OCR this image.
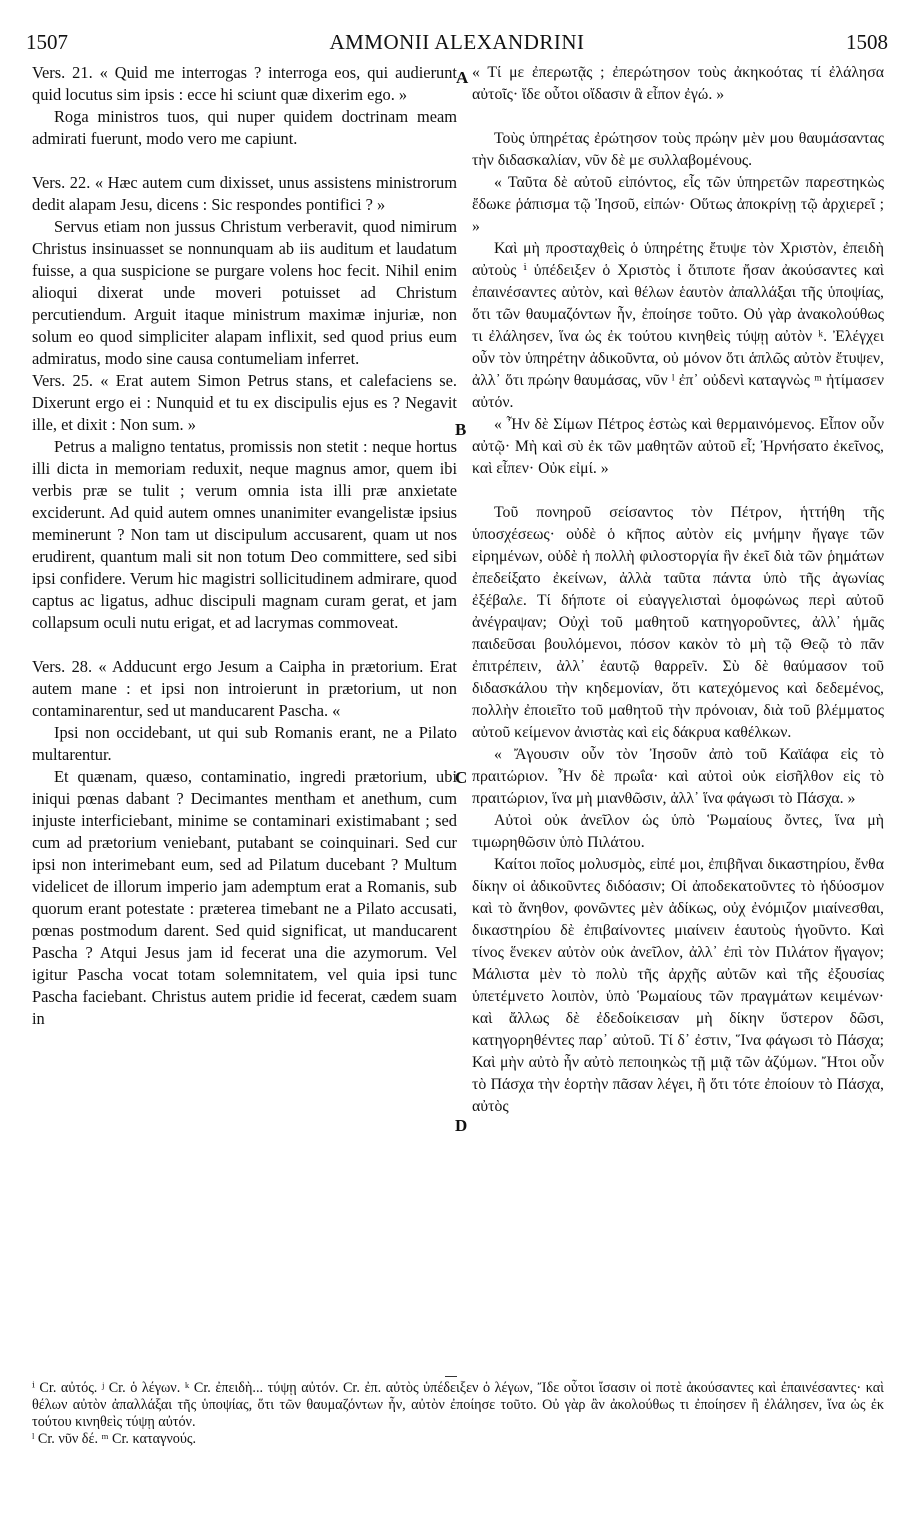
1507	AMMONII ALEXANDRINI	1508

Vers. 21. « Quid me interrogas ? interroga eos, qui audierunt quid locutus sim ipsis : ecce hi sciunt quæ dixerim ego. »

Roga ministros tuos, qui nuper quidem doctrinam meam admirati fuerunt, modo vero me capiunt.

Vers. 22. « Hæc autem cum dixisset, unus assistens ministrorum dedit alapam Jesu, dicens : Sic respondes pontifici ? »

Servus etiam non jussus Christum verberavit, quod nimirum Christus insinuasset se nonnunquam ab iis auditum et laudatum fuisse, a qua suspicione se purgare volens hoc fecit. Nihil enim alioqui dixerat unde moveri potuisset ad Christum percutiendum. Arguit itaque ministrum maximæ injuriæ, non solum eo quod simpliciter alapam inflixit, sed quod prius eum admiratus, modo sine causa contumeliam inferret.

Vers. 25. « Erat autem Simon Petrus stans, et calefaciens se. Dixerunt ergo ei : Nunquid et tu ex discipulis ejus es ? Negavit ille, et dixit : Non sum. »

Petrus a maligno tentatus, promissis non stetit : neque hortus illi dicta in memoriam reduxit, neque magnus amor, quem ibi verbis præ se tulit ; verum omnia ista illi præ anxietate exciderunt. Ad quid autem omnes unanimiter evangelistæ ipsius meminerunt ? Non tam ut discipulum accusarent, quam ut nos erudirent, quantum mali sit non totum Deo committere, sed sibi ipsi confidere. Verum hic magistri sollicitudinem admirare, quod captus ac ligatus, adhuc discipuli magnam curam gerat, et jam collapsum oculi nutu erigat, et ad lacrymas commoveat.

Vers. 28. « Adducunt ergo Jesum a Caipha in prætorium. Erat autem mane : et ipsi non introierunt in prætorium, ut non contaminarentur, sed ut manducarent Pascha. «

Ipsi non occidebant, ut qui sub Romanis erant, ne a Pilato multarentur.

Et quænam, quæso, contaminatio, ingredi prætorium, ubi iniqui pœnas dabant ? Decimantes mentham et anethum, cum injuste interficiebant, minime se contaminari existimabant ; sed cum ad prætorium veniebant, putabant se coinquinari. Sed cur ipsi non interimebant eum, sed ad Pilatum ducebant ? Multum videlicet de illorum imperio jam ademptum erat a Romanis, sub quorum erant potestate : præterea timebant ne a Pilato accusati, pœnas postmodum darent. Sed quid significat, ut manducarent Pascha ? Atqui Jesus jam id fecerat una die azymorum. Vel igitur Pascha vocat totam solemnitatem, vel quia ipsi tunc Pascha faciebant. Christus autem pridie id fecerat, cædem suam in

« Τί με ἐπερωτᾷς ; ἐπερώτησον τοὺς ἀκηκοότας τί ἐλάλησα αὐτοῖς· ἴδε οὗτοι οἴδασιν ἃ εἶπον ἐγώ. »

Τοὺς ὑπηρέτας ἐρώτησον τοὺς πρώην μὲν μου θαυμάσαντας τὴν διδασκαλίαν, νῦν δὲ με συλλαβομένους.

« Ταῦτα δὲ αὐτοῦ εἰπόντος, εἷς τῶν ὑπηρετῶν παρεστηκὼς ἔδωκε ῥάπισμα τῷ Ἰησοῦ, εἰπών· Οὕτως ἀποκρίνῃ τῷ ἀρχιερεῖ ; »

Καὶ μὴ προσταχθεὶς ὁ ὑπηρέτης ἔτυψε τὸν Χριστὸν, ἐπειδὴ αὐτοὺς ⁱ ὑπέδειξεν ὁ Χριστὸς ἰ ὅτιποτε ἤσαν ἀκούσαντες καὶ ἐπαινέσαντες αὐτὸν, καὶ θέλων ἑαυτὸν ἀπαλλάξαι τῆς ὑποψίας, ὅτι τῶν θαυμαζόντων ἦν, ἐποίησε τοῦτο. Οὐ γὰρ ἀνακολούθως τι ἐλάλησεν, ἵνα ὡς ἐκ τούτου κινηθεὶς τύψῃ αὐτὸν ᵏ. Ἐλέγχει οὖν τὸν ὑπηρέτην ἀδικοῦντα, οὐ μόνον ὅτι ἁπλῶς αὐτὸν ἔτυψεν, ἀλλ᾽ ὅτι πρώην θαυμάσας, νῦν ˡ ἐπ᾽ οὐδενὶ καταγνὼς ᵐ ἠτίμασεν αὐτόν.

« Ἦν δὲ Σίμων Πέτρος ἑστὼς καὶ θερμαινόμενος. Εἶπον οὖν αὐτῷ· Μὴ καὶ σὺ ἐκ τῶν μαθητῶν αὐτοῦ εἶ; Ἠρνήσατο ἐκεῖνος, καὶ εἶπεν· Οὐκ εἰμί. »

Τοῦ πονηροῦ σείσαντος τὸν Πέτρον, ἡττήθη τῆς ὑποσχέσεως· οὐδὲ ὁ κῆπος αὐτὸν εἰς μνήμην ἤγαγε τῶν εἰρημένων, οὐδὲ ἡ πολλὴ φιλοστοργία ἣν ἐκεῖ διὰ τῶν ῥημάτων ἐπεδείξατο ἐκείνων, ἀλλὰ ταῦτα πάντα ὑπὸ τῆς ἀγωνίας ἐξέβαλε. Τί δήποτε οἱ εὐαγγελισταὶ ὁμοφώνως περὶ αὐτοῦ ἀνέγραψαν; Οὐχὶ τοῦ μαθητοῦ κατηγοροῦντες, ἀλλ᾽ ἡμᾶς παιδεῦσαι βουλόμενοι, πόσον κακὸν τὸ μὴ τῷ Θεῷ τὸ πᾶν ἐπιτρέπειν, ἀλλ᾽ ἑαυτῷ θαρρεῖν. Σὺ δὲ θαύμασον τοῦ διδασκάλου τὴν κηδεμονίαν, ὅτι κατεχόμενος καὶ δεδεμένος, πολλὴν ἐποιεῖτο τοῦ μαθητοῦ τὴν πρόνοιαν, διὰ τοῦ βλέμματος αὐτοῦ κείμενον ἀνιστὰς καὶ εἰς δάκρυα καθέλκων.

« Ἄγουσιν οὖν τὸν Ἰησοῦν ἀπὸ τοῦ Καϊάφα εἰς τὸ πραιτώριον. Ἦν δὲ πρωΐα· καὶ αὐτοὶ οὐκ εἰσῆλθον εἰς τὸ πραιτώριον, ἵνα μὴ μιανθῶσιν, ἀλλ᾽ ἵνα φάγωσι τὸ Πάσχα. »

Αὐτοὶ οὐκ ἀνεῖλον ὡς ὑπὸ Ῥωμαίους ὄντες, ἵνα μὴ τιμωρηθῶσιν ὑπὸ Πιλάτου.

Καίτοι ποῖος μολυσμὸς, εἰπέ μοι, ἐπιβῆναι δικαστηρίου, ἔνθα δίκην οἱ ἀδικοῦντες διδόασιν; Οἱ ἀποδεκατοῦντες τὸ ἡδύοσμον καὶ τὸ ἄνηθον, φονῶντες μὲν ἀδίκως, οὐχ ἐνόμιζον μιαίνεσθαι, δικαστηρίου δὲ ἐπιβαίνοντες μιαίνειν ἑαυτοὺς ἡγοῦντο. Καὶ τίνος ἕνεκεν αὐτὸν οὐκ ἀνεῖλον, ἀλλ᾽ ἐπὶ τὸν Πιλάτον ἤγαγον; Μάλιστα μὲν τὸ πολὺ τῆς ἀρχῆς αὐτῶν καὶ τῆς ἐξουσίας ὑπετέμνετο λοιπὸν, ὑπὸ Ῥωμαίους τῶν πραγμάτων κειμένων· καὶ ἄλλως δὲ ἐδεδοίκεισαν μὴ δίκην ὕστερον δῶσι, κατηγορηθέντες παρ᾽ αὐτοῦ. Τί δ᾽ ἐστιν, Ἵνα φάγωσι τὸ Πάσχα; Καὶ μὴν αὐτὸ ἦν αὐτὸ πεποιηκὼς τῇ μιᾷ τῶν ἀζύμων. Ἤτοι οὖν τὸ Πάσχα τὴν ἑορτὴν πᾶσαν λέγει, ἢ ὅτι τότε ἐποίουν τὸ Πάσχα, αὐτὸς

A
B
C
D

ⁱ Cr. αὐτός. ʲ Cr. ὁ λέγων. ᵏ Cr. ἐπειδὴ... τύψῃ αὐτόν. Cr. ἐπ. αὐτὸς ὑπέδειξεν ὁ λέγων, Ἴδε οὗτοι ἴσασιν οἱ ποτὲ ἀκούσαντες καὶ ἐπαινέσαντες· καὶ θέλων αὐτὸν ἀπαλλάξαι τῆς ὑποψίας, ὅτι τῶν θαυμαζόντων ἦν, αὐτὸν ἐποίησε τοῦτο. Οὐ γὰρ ἂν ἀκολούθως τι ἐποίησεν ἢ ἐλάλησεν, ἵνα ὡς ἐκ τούτου κινηθεὶς τύψῃ αὐτόν.

ˡ Cr. νῦν δέ. ᵐ Cr. καταγνούς.
